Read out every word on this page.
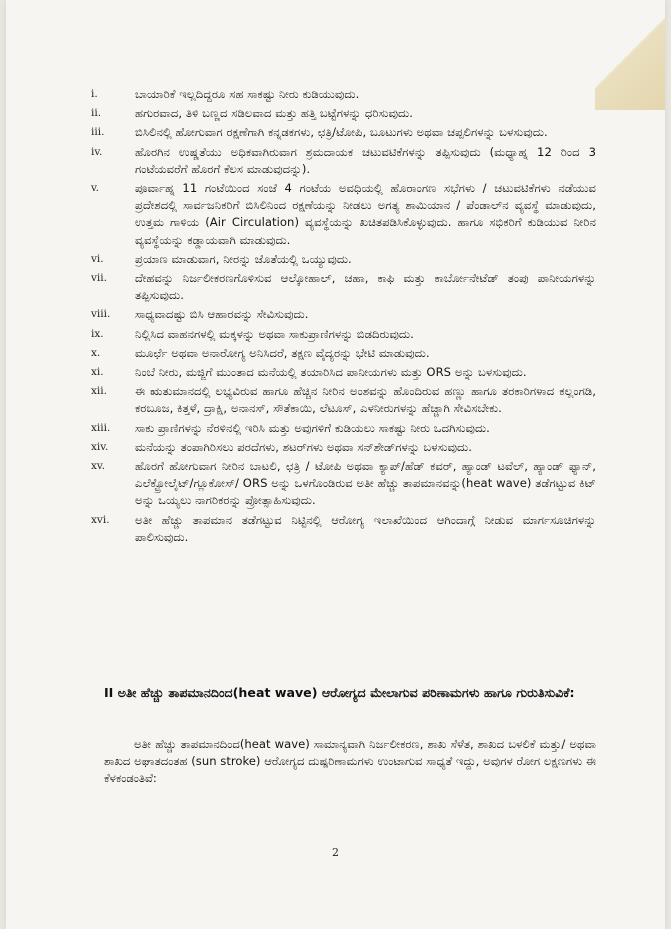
i.	ಬಾಯಾರಿಕೆ ಇಲ್ಲದಿದ್ದರೂ ಸಹ ಸಾಕಷ್ಟು ನೀರು ಕುಡಿಯುವುದು.
ii.	ಹಗುರವಾದ, ತಿಳಿ ಬಣ್ಣದ ಸಡಿಲವಾದ ಮತ್ತು ಹತ್ತಿ ಬಟ್ಟೆಗಳನ್ನು ಧರಿಸುವುದು.
iii.	ಬಿಸಿಲಿನಲ್ಲಿ ಹೋಗುವಾಗ ರಕ್ಷಣೆಗಾಗಿ ಕನ್ನಡಕಗಳು, ಛತ್ರಿ/ಟೋಪಿ, ಬೂಟುಗಳು ಅಥವಾ ಚಪ್ಪಲಿಗಳನ್ನು ಬಳಸುವುದು.
iv.	ಹೊರಗಿನ ಉಷ್ಣತೆಯು ಅಧಿಕವಾಗಿರುವಾಗ ಶ್ರಮದಾಯಕ ಚಟುವಟಿಕೆಗಳನ್ನು ತಪ್ಪಿಸುವುದು (ಮಧ್ಯಾಹ್ನ 12 ರಿಂದ 3 ಗಂಟೆಯವರೆಗೆ ಹೊರಗೆ ಕೆಲಸ ಮಾಡುವುದನ್ನು).
v.	ಪೂರ್ವಾಹ್ನ 11 ಗಂಟೆಯಿಂದ ಸಂಜೆ 4 ಗಂಟೆಯ ಅವಧಿಯಲ್ಲಿ ಹೊರಾಂಗಣ ಸಭೆಗಳು / ಚಟುವಟಿಕೆಗಳು ನಡೆಯುವ ಪ್ರದೇಶದಲ್ಲಿ ಸಾರ್ವಜನಿಕರಿಗೆ ಬಿಸಿಲಿನಿಂದ ರಕ್ಷಣೆಯನ್ನು ನೀಡಲು ಅಗತ್ಯ ಶಾಮಿಯಾನ / ಪೆಂಡಾಲ್‌ನ ವ್ಯವಸ್ಥೆ ಮಾಡುವುದು, ಉತ್ತಮ ಗಾಳಿಯ (Air Circulation) ವ್ಯವಸ್ಥೆಯನ್ನು ಖಚಿತಪಡಿಸಿಕೊಳ್ಳುವುದು. ಹಾಗೂ ಸಭಿಕರಿಗೆ ಕುಡಿಯುವ ನೀರಿನ ವ್ಯವಸ್ಥೆಯನ್ನು ಕಡ್ಡಾಯವಾಗಿ ಮಾಡುವುದು.
vi.	ಪ್ರಯಾಣ ಮಾಡುವಾಗ, ನೀರನ್ನು ಜೊತೆಯಲ್ಲಿ ಒಯ್ಯುವುದು.
vii.	ದೇಹವನ್ನು ನಿರ್ಜಲೀಕರಣಗೊಳಿಸುವ ಆಲ್ಕೋಹಾಲ್, ಚಹಾ, ಕಾಫಿ ಮತ್ತು ಕಾರ್ಬೋನೇಟೆಡ್ ತಂಪು ಪಾನೀಯಗಳನ್ನು ತಪ್ಪಿಸುವುದು.
viii.	ಸಾಧ್ಯವಾದಷ್ಟು ಬಿಸಿ ಆಹಾರವನ್ನು ಸೇವಿಸುವುದು.
ix.	ನಿಲ್ಲಿಸಿದ ವಾಹನಗಳಲ್ಲಿ ಮಕ್ಕಳನ್ನು ಅಥವಾ ಸಾಕುಪ್ರಾಣಿಗಳನ್ನು ಬಿಡದಿರುವುದು.
x.	ಮೂರ್ಛೆ ಅಥವಾ ಅನಾರೋಗ್ಯ ಅನಿಸಿದರೆ, ತಕ್ಷಣ ವೈದ್ಯರನ್ನು ಭೇಟಿ ಮಾಡುವುದು.
xi.	ನಿಂಬೆ ನೀರು, ಮಜ್ಜಿಗೆ ಮುಂತಾದ ಮನೆಯಲ್ಲಿ ತಯಾರಿಸಿದ ಪಾನೀಯಗಳು ಮತ್ತು ORS ಅನ್ನು ಬಳಸುವುದು.
xii.	ಈ ಋತುಮಾನದಲ್ಲಿ ಲಭ್ಯವಿರುವ ಹಾಗೂ ಹೆಚ್ಚಿನ ನೀರಿನ ಅಂಶವನ್ನು ಹೊಂದಿರುವ ಹಣ್ಣು ಹಾಗೂ ತರಕಾರಿಗಳಾದ ಕಲ್ಲಂಗಡಿ, ಕರಬೂಜ, ಕಿತ್ತಳೆ, ದ್ರಾಕ್ಷಿ, ಅನಾನಸ್, ಸೌತೆಕಾಯಿ, ಲೆಟೂಸ್, ಎಳನೀರುಗಳನ್ನು ಹೆಚ್ಚಾಗಿ ಸೇವಿಸಬೇಕು.
xiii.	ಸಾಕು ಪ್ರಾಣಿಗಳನ್ನು ನೆರಳಿನಲ್ಲಿ ಇರಿಸಿ ಮತ್ತು ಅವುಗಳಿಗೆ ಕುಡಿಯಲು ಸಾಕಷ್ಟು ನೀರು ಒದಗಿಸುವುದು.
xiv.	ಮನೆಯನ್ನು ತಂಪಾಗಿರಿಸಲು ಪರದೆಗಳು, ಶಟರ್‌ಗಳು ಅಥವಾ ಸನ್‌ಶೇಡ್‌ಗಳನ್ನು ಬಳಸುವುದು.
xv.	ಹೊರಗೆ ಹೋಗುವಾಗ ನೀರಿನ ಬಾಟಲಿ, ಛತ್ರಿ / ಟೋಪಿ ಅಥವಾ ಕ್ಯಾಪ್/ಹೆಡ್ ಕವರ್, ಹ್ಯಾಂಡ್ ಟವೆಲ್, ಹ್ಯಾಂಡ್ ಫ್ಯಾನ್, ಎಲೆಕ್ಟ್ರೋಲೈಟ್/ಗ್ಲೂಕೋಸ್/ ORS ಅನ್ನು ಒಳಗೊಂಡಿರುವ ಅತೀ ಹೆಚ್ಚು ತಾಪಮಾನವನ್ನು(heat wave) ತಡೆಗಟ್ಟುವ ಕಿಟ್ ಅನ್ನು ಒಯ್ಯಲು ನಾಗರಿಕರನ್ನು ಪ್ರೋತ್ಸಾಹಿಸುವುದು.
xvi.	ಅತೀ ಹೆಚ್ಚು ತಾಪಮಾನ ತಡೆಗಟ್ಟುವ ನಿಟ್ಟಿನಲ್ಲಿ ಆರೋಗ್ಯ ಇಲಾಖೆಯಿಂದ ಆಗಿಂದಾಗ್ಗೆ ನೀಡುವ ಮಾರ್ಗಸೂಚಿಗಳನ್ನು ಪಾಲಿಸುವುದು.
II ಅತೀ ಹೆಚ್ಚು ತಾಪಮಾನದಿಂದ(heat wave) ಆರೋಗ್ಯದ ಮೇಲಾಗುವ ಪರಿಣಾಮಗಳು ಹಾಗೂ ಗುರುತಿಸುವಿಕೆ:
ಅತೀ ಹೆಚ್ಚು ತಾಪಮಾನದಿಂದ(heat wave) ಸಾಮಾನ್ಯವಾಗಿ ನಿರ್ಜಲೀಕರಣ, ಶಾಖ ಸೆಳೆತ, ಶಾಖದ ಬಳಲಿಕೆ ಮತ್ತು/ ಅಥವಾ ಶಾಖದ ಅಘಾತದಂತಹ (sun stroke) ಆರೋಗ್ಯದ ದುಷ್ಪರಿಣಾಮಗಳು ಉಂಟಾಗುವ ಸಾಧ್ಯತೆ ಇದ್ದು, ಅವುಗಳ ರೋಗ ಲಕ್ಷಣಗಳು ಈ ಕೆಳಕಂಡಂತಿವೆ:
2
